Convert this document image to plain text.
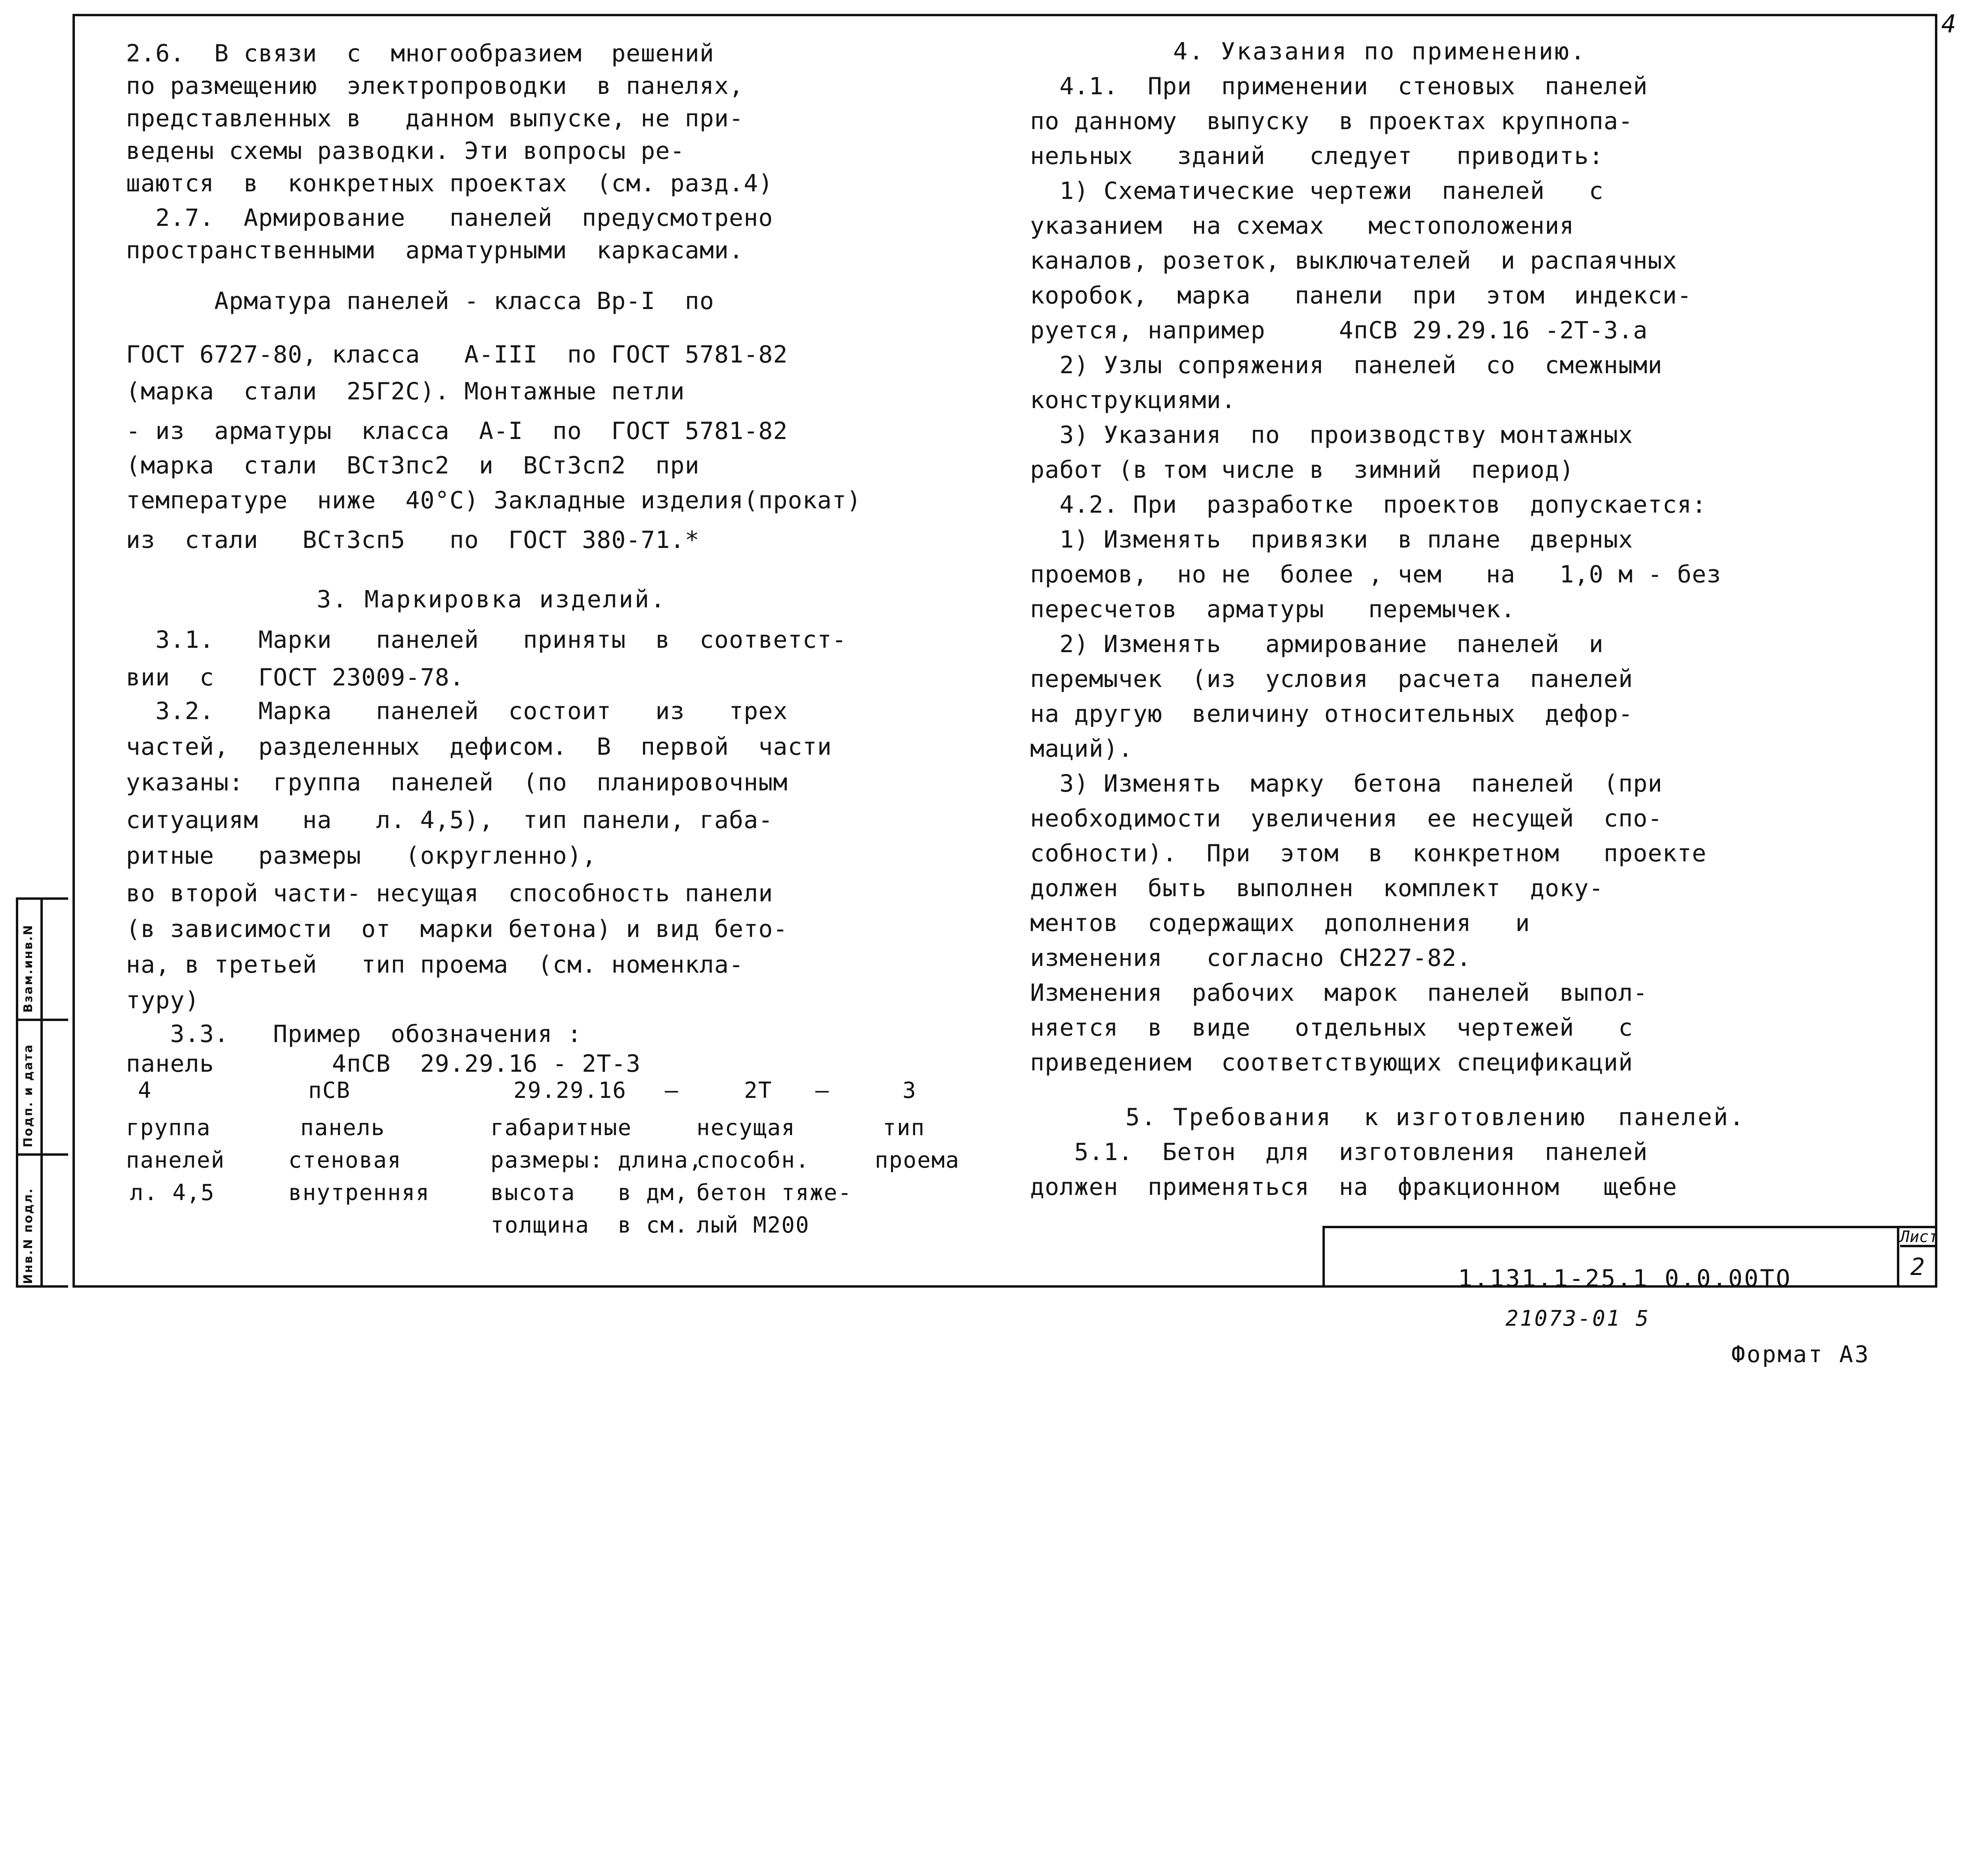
4

2.6.  В связи  с  многообразием  решений

по размещению  электропроводки  в панелях,

представленных в   данном выпуске, не при-

ведены схемы разводки. Эти вопросы ре-

шаются  в  конкретных проектах  (см. разд.4)

2.7.  Армирование   панелей  предусмотрено

пространственными  арматурными  каркасами.

Арматура панелей - класса Вр-I  по

ГОСТ 6727-80, класса   А-III  по ГОСТ 5781-82

(марка  стали  25Г2С). Монтажные петли

- из  арматуры  класса  А-I  по  ГОСТ 5781-82

(марка  стали  ВСт3пс2  и  ВСт3сп2  при

температуре  ниже  40°С) Закладные изделия(прокат)

из  стали   ВСт3сп5   по  ГОСТ 380-71.*

3. Маркировка изделий.

3.1.   Марки   панелей   приняты  в  соответст-

вии  с   ГОСТ 23009-78.

3.2.   Марка   панелей  состоит   из   трех

частей,  разделенных  дефисом.  В  первой  части

указаны:  группа  панелей  (по  планировочным

ситуациям   на   л. 4,5),  тип панели, габа-

ритные   размеры   (округленно),

во второй части- несущая  способность панели

(в зависимости  от  марки бетона) и вид бето-

на, в третьей   тип проема  (см. номенклa-

туру)

3.3.   Пример  обозначения :

панель        4пСВ  29.29.16 - 2Т-3

4

группа

панелей

л. 4,5

пСВ

панель

стеновая

внутренняя

29.29.16

габаритные

размеры: длина,

высота   в дм,

толщина  в см.

—

	2Т

несущая

способн.

бетон тяже-

лый М200

—

	3

тип

проема

4. Указания по применению.

4.1.  При  применении  стеновых  панелей

по данному  выпуску  в проектах крупнопа-

нельных   зданий   следует   приводить:

1) Схематические чертежи  панелей   с

указанием  на схемах   местоположения

каналов, розеток, выключателей  и распаячных

коробок,  марка   панели  при  этом  индекси-

руется, например     4пСВ 29.29.16 -2Т-3.а

2) Узлы сопряжения  панелей  со  смежными

конструкциями.

3) Указания  по  производству монтажных

работ (в том числе в  зимний  период)

4.2. При  разработке  проектов  допускается:

1) Изменять  привязки  в плане  дверных

проемов,  но не  более , чем   на   1,0 м - без

пересчетов  арматуры   перемычек.

2) Изменять   армирование  панелей  и

перемычек  (из  условия  расчета  панелей

на другую  величину относительных  дефор-

маций).

3) Изменять  марку  бетона  панелей  (при

необходимости  увеличения  ее несущей  спо-

собности).  При  этом  в  конкретном   проекте

должен  быть  выполнен  комплект  доку-

ментов  содержащих  дополнения   и

изменения   согласно СН227-82.

Изменения  рабочих  марок  панелей  выпол-

няется  в  виде   отдельных  чертежей   с

приведением  соответствующих спецификаций

5. Требования  к изготовлению  панелей.

5.1.  Бетон  для  изготовления  панелей

должен  применяться  на  фракционном   щебне

Инв.N подл.
Подп. и дата
Взам.инв.N
Лист
2
1.131.1-25.1 0.0.00ТО
21073-01 5
Формат А3
